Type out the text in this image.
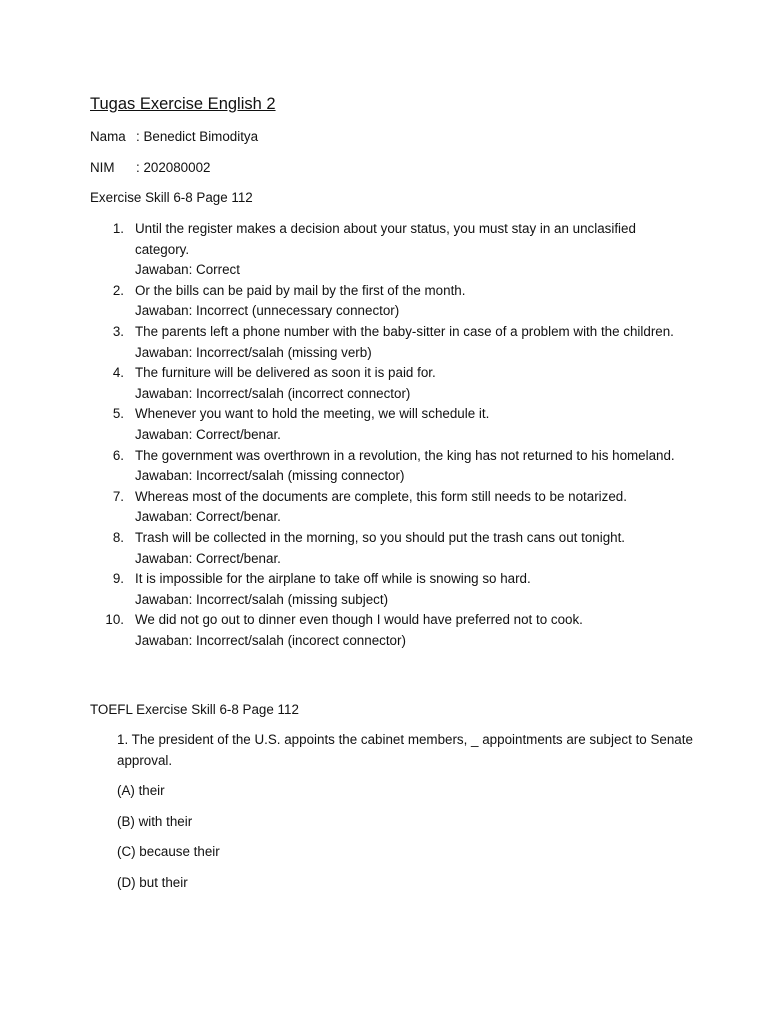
Tugas Exercise English 2
Nama : Benedict Bimoditya
NIM : 202080002
Exercise Skill 6-8 Page 112
1. Until the register makes a decision about your status, you must stay in an unclasified category.
Jawaban: Correct
2. Or the bills can be paid by mail by the first of the month.
Jawaban: Incorrect (unnecessary connector)
3. The parents left a phone number with the baby-sitter in case of a problem with the children.
Jawaban: Incorrect/salah (missing verb)
4. The furniture will be delivered as soon it is paid for.
Jawaban: Incorrect/salah (incorrect connector)
5. Whenever you want to hold the meeting, we will schedule it.
Jawaban: Correct/benar.
6. The government was overthrown in a revolution, the king has not returned to his homeland.
Jawaban: Incorrect/salah (missing connector)
7. Whereas most of the documents are complete, this form still needs to be notarized.
Jawaban: Correct/benar.
8. Trash will be collected in the morning, so you should put the trash cans out tonight.
Jawaban: Correct/benar.
9. It is impossible for the airplane to take off while is snowing so hard.
Jawaban: Incorrect/salah (missing subject)
10. We did not go out to dinner even though I would have preferred not to cook.
Jawaban: Incorrect/salah (incorect connector)
TOEFL Exercise Skill 6-8 Page 112
1. The president of the U.S. appoints the cabinet members, _ appointments are subject to Senate approval.
(A) their
(B) with their
(C) because their
(D) but their
